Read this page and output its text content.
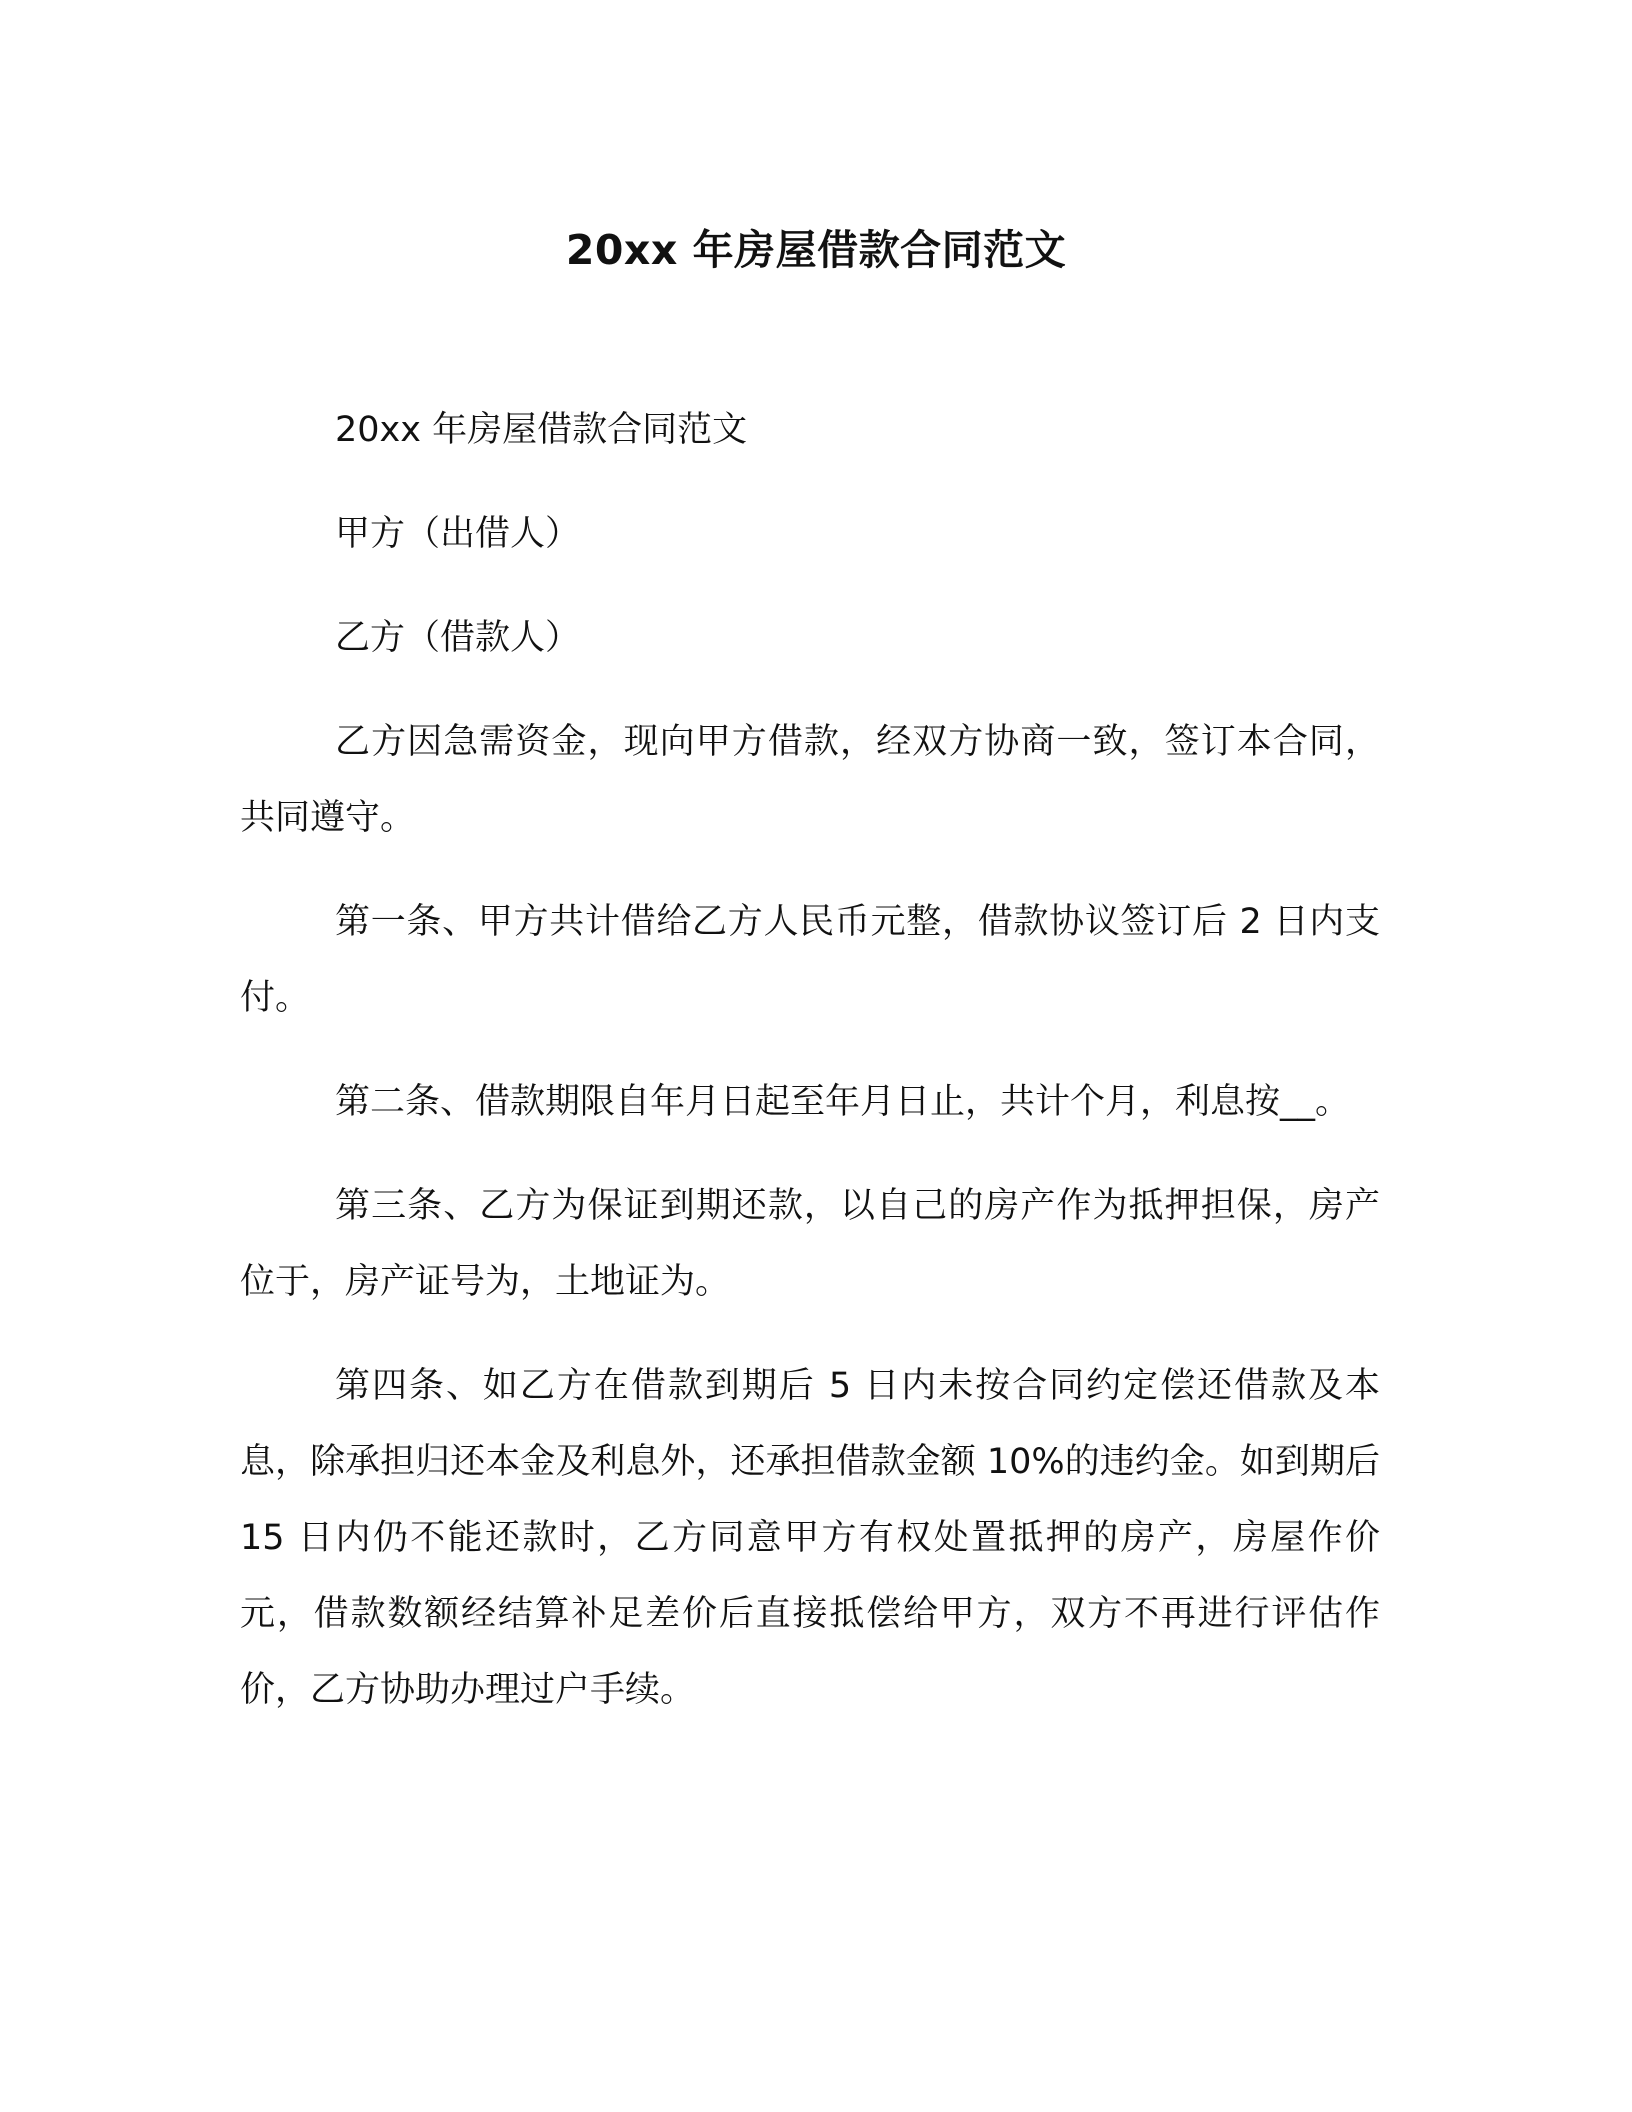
20xx 年房屋借款合同范文

20xx 年房屋借款合同范文

甲方（出借人）

乙方（借款人）

乙方因急需资金，现向甲方借款，经双方协商一致，签订本合同，共同遵守。

第一条、甲方共计借给乙方人民币元整，借款协议签订后 2 日内支付。

第二条、借款期限自年月日起至年月日止，共计个月，利息按__。

第三条、乙方为保证到期还款，以自己的房产作为抵押担保，房产位于，房产证号为，土地证为。

第四条、如乙方在借款到期后 5 日内未按合同约定偿还借款及本息，除承担归还本金及利息外，还承担借款金额 10%的违约金。如到期后 15 日内仍不能还款时，乙方同意甲方有权处置抵押的房产，房屋作价元，借款数额经结算补足差价后直接抵偿给甲方，双方不再进行评估作价，乙方协助办理过户手续。
